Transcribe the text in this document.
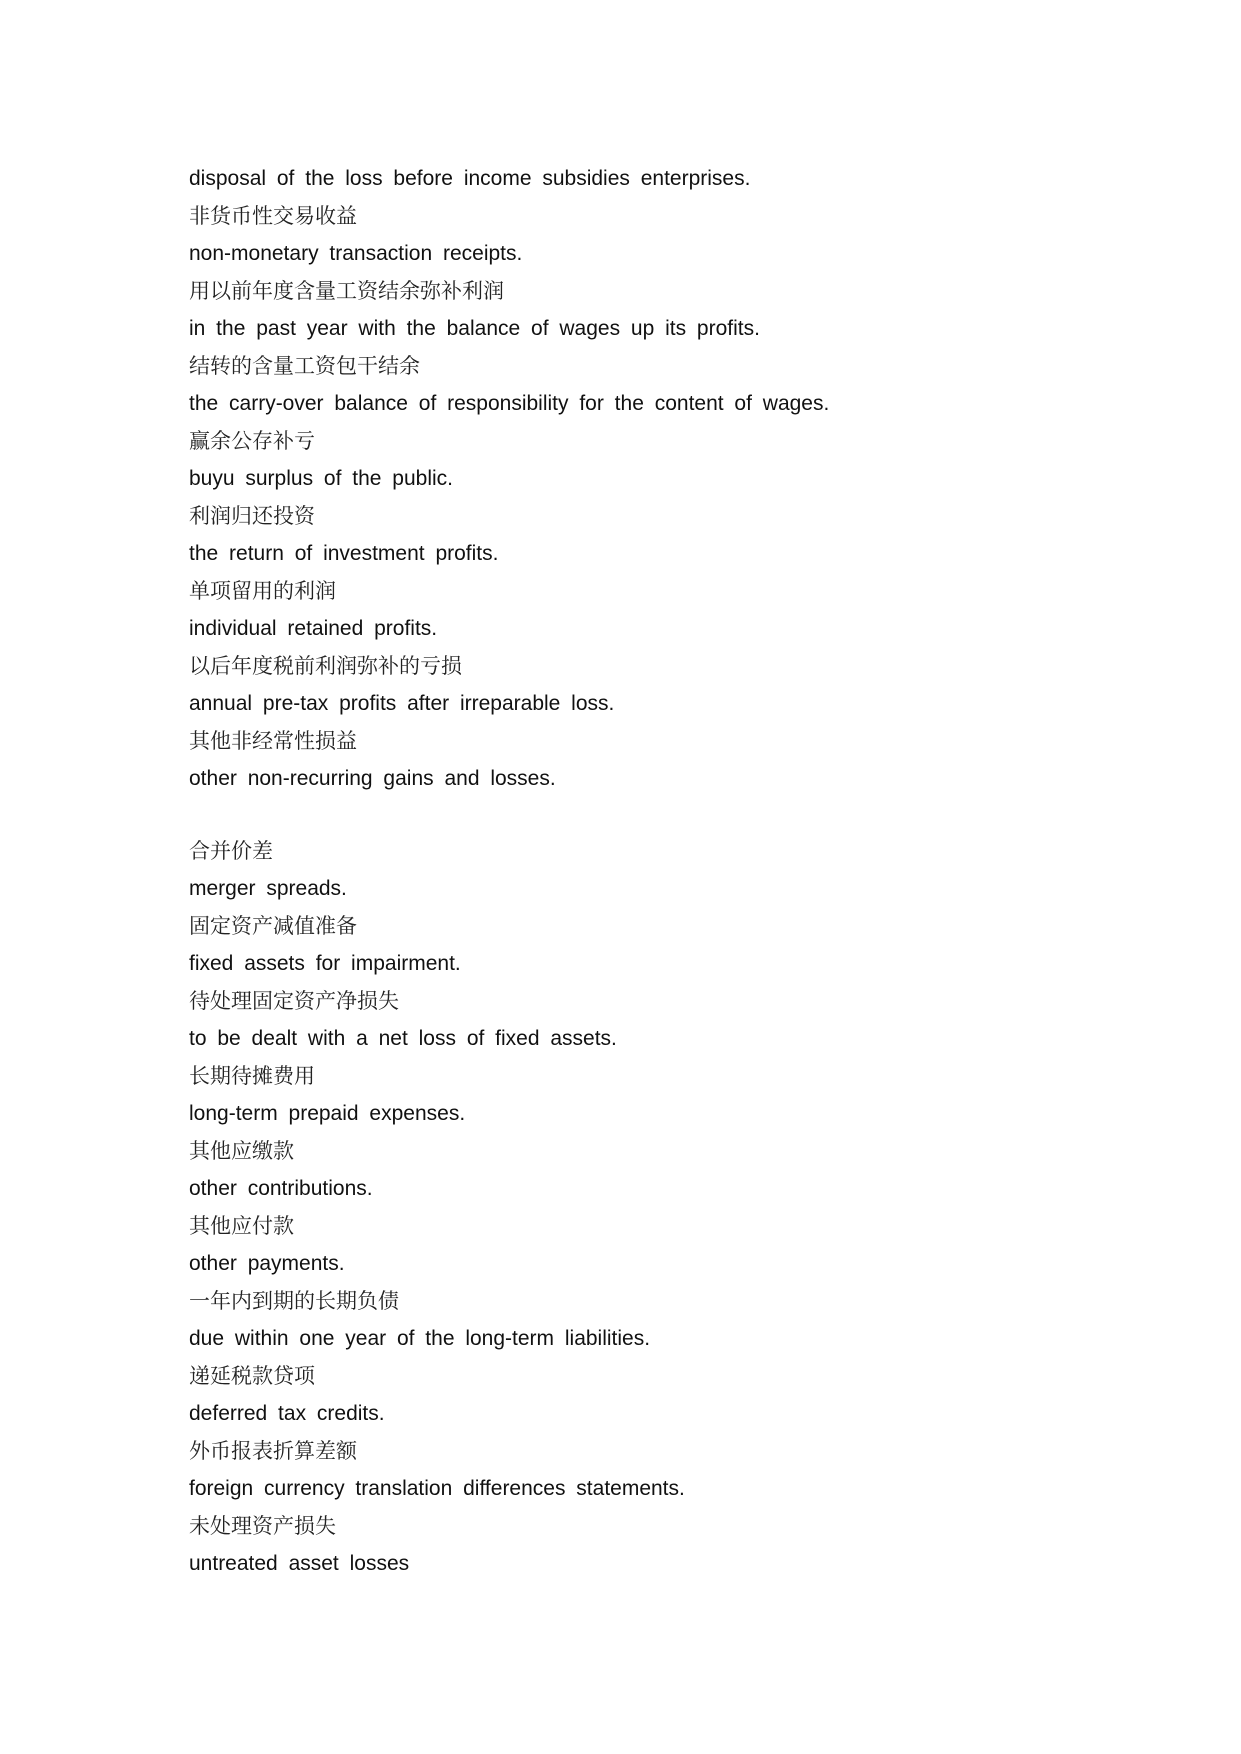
disposal of the loss before income subsidies enterprises.
非货币性交易收益
non-monetary transaction receipts.
用以前年度含量工资结余弥补利润
in the past year with the balance of wages up its profits.
结转的含量工资包干结余
the carry-over balance of responsibility for the content of wages.
赢余公存补亏
buyu surplus of the public.
利润归还投资
the return of investment profits.
单项留用的利润
individual retained profits.
以后年度税前利润弥补的亏损
annual pre-tax profits after irreparable loss.
其他非经常性损益
other non-recurring gains and losses.
合并价差
merger spreads.
固定资产减值准备
fixed assets for impairment.
待处理固定资产净损失
to be dealt with a net loss of fixed assets.
长期待摊费用
long-term prepaid expenses.
其他应缴款
other contributions.
其他应付款
other payments.
一年内到期的长期负债
due within one year of the long-term liabilities.
递延税款贷项
deferred tax credits.
外币报表折算差额
foreign currency translation differences statements.
未处理资产损失
untreated asset losses
